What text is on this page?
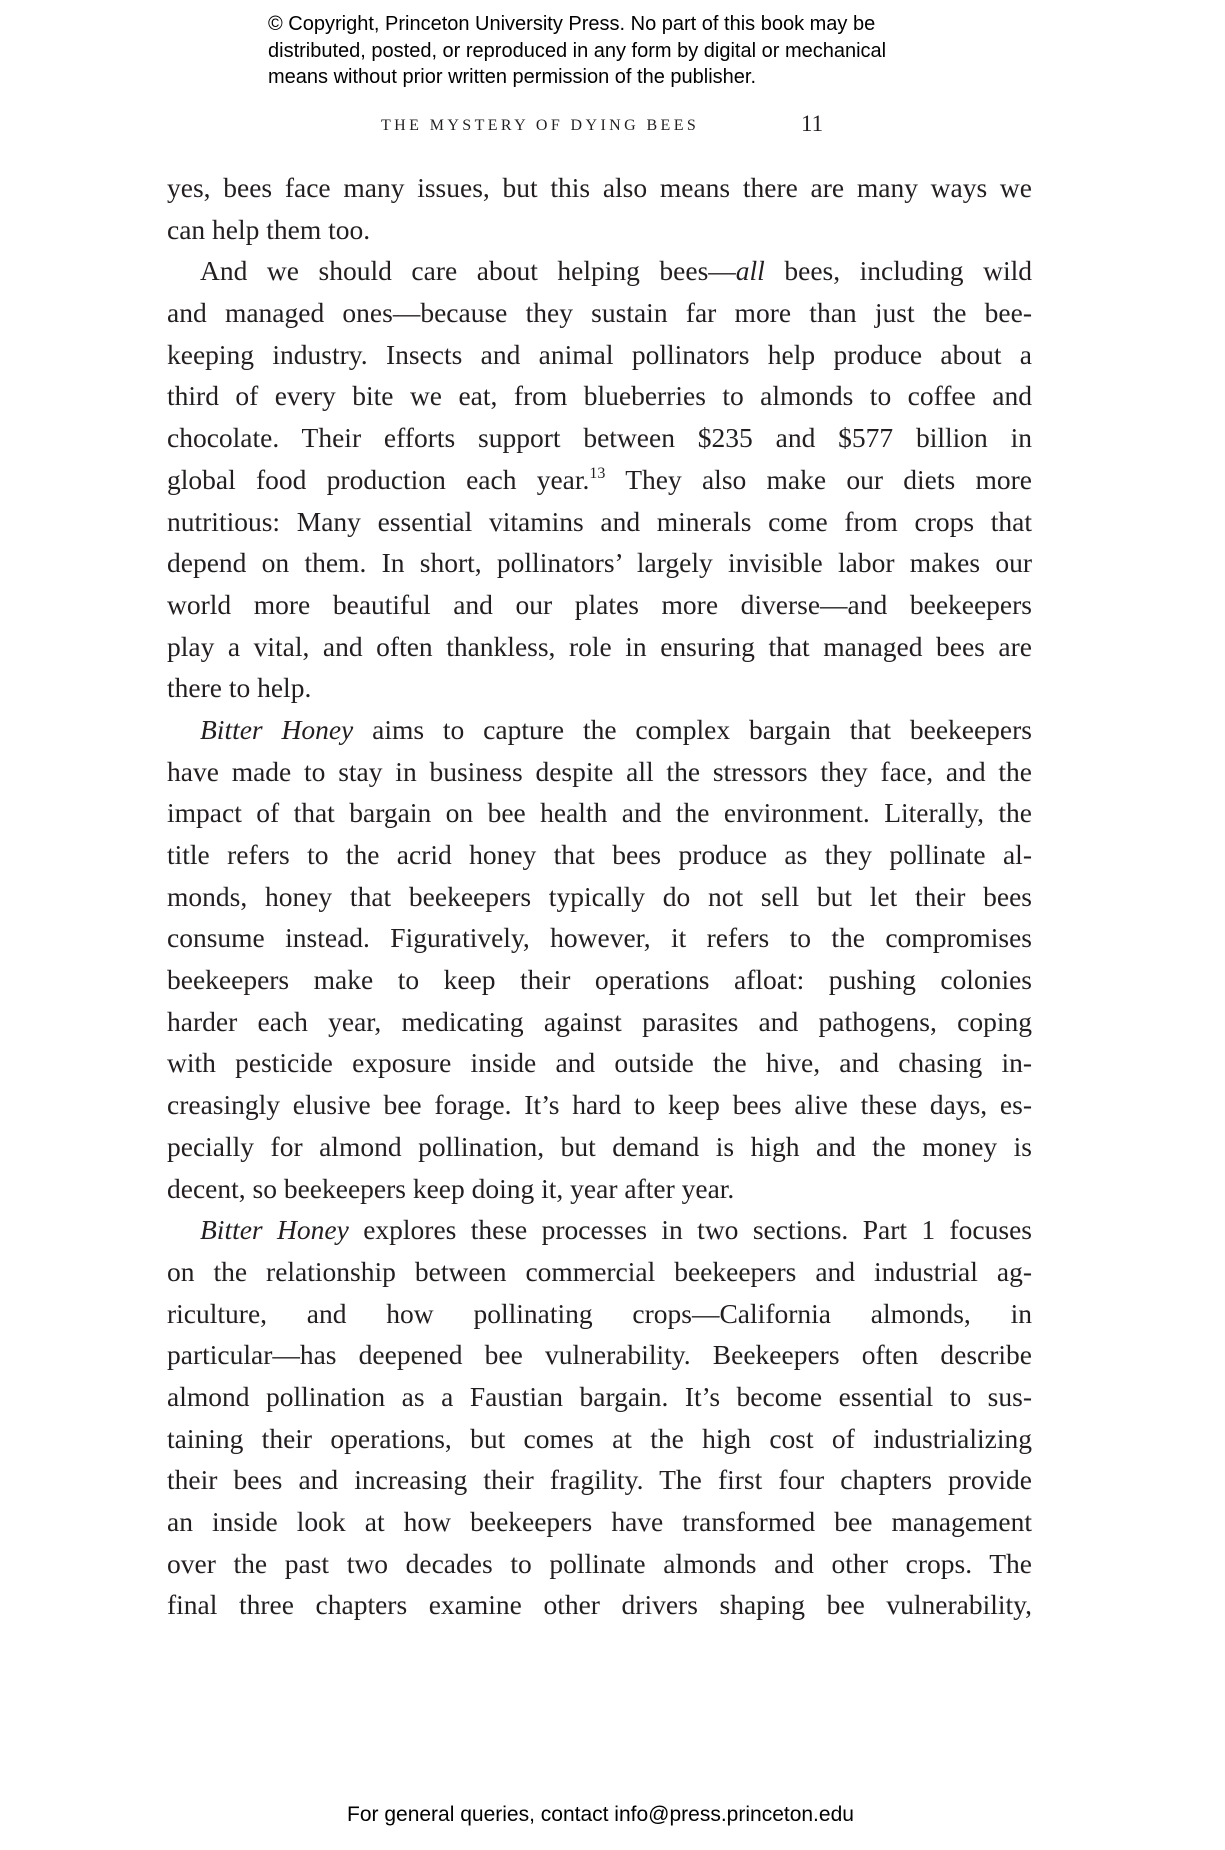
© Copyright, Princeton University Press. No part of this book may be
distributed, posted, or reproduced in any form by digital or mechanical
means without prior written permission of the publisher.
THE MYSTERY OF DYING BEES	11
yes, bees face many issues, but this also means there are many ways we
can help them too.
And we should care about helping bees—all bees, including wild
and managed ones—because they sustain far more than just the bee-
keeping industry. Insects and animal pollinators help produce about a
third of every bite we eat, from blueberries to almonds to coffee and
chocolate. Their efforts support between $235 and $577 billion in
global food production each year.$^{13}$ They also make our diets more
nutritious: Many essential vitamins and minerals come from crops that
depend on them. In short, pollinators’ largely invisible labor makes our
world more beautiful and our plates more diverse—and beekeepers
play a vital, and often thankless, role in ensuring that managed bees are
there to help.
Bitter Honey aims to capture the complex bargain that beekeepers
have made to stay in business despite all the stressors they face, and the
impact of that bargain on bee health and the environment. Literally, the
title refers to the acrid honey that bees produce as they pollinate al-
monds, honey that beekeepers typically do not sell but let their bees
consume instead. Figuratively, however, it refers to the compromises
beekeepers make to keep their operations afloat: pushing colonies
harder each year, medicating against parasites and pathogens, coping
with pesticide exposure inside and outside the hive, and chasing in-
creasingly elusive bee forage. It’s hard to keep bees alive these days, es-
pecially for almond pollination, but demand is high and the money is
decent, so beekeepers keep doing it, year after year.
Bitter Honey explores these processes in two sections. Part 1 focuses
on the relationship between commercial beekeepers and industrial ag-
riculture, and how pollinating crops—California almonds, in
particular—has deepened bee vulnerability. Beekeepers often describe
almond pollination as a Faustian bargain. It’s become essential to sus-
taining their operations, but comes at the high cost of industrializing
their bees and increasing their fragility. The first four chapters provide
an inside look at how beekeepers have transformed bee management
over the past two decades to pollinate almonds and other crops. The
final three chapters examine other drivers shaping bee vulnerability,
For general queries, contact info@press.princeton.edu
